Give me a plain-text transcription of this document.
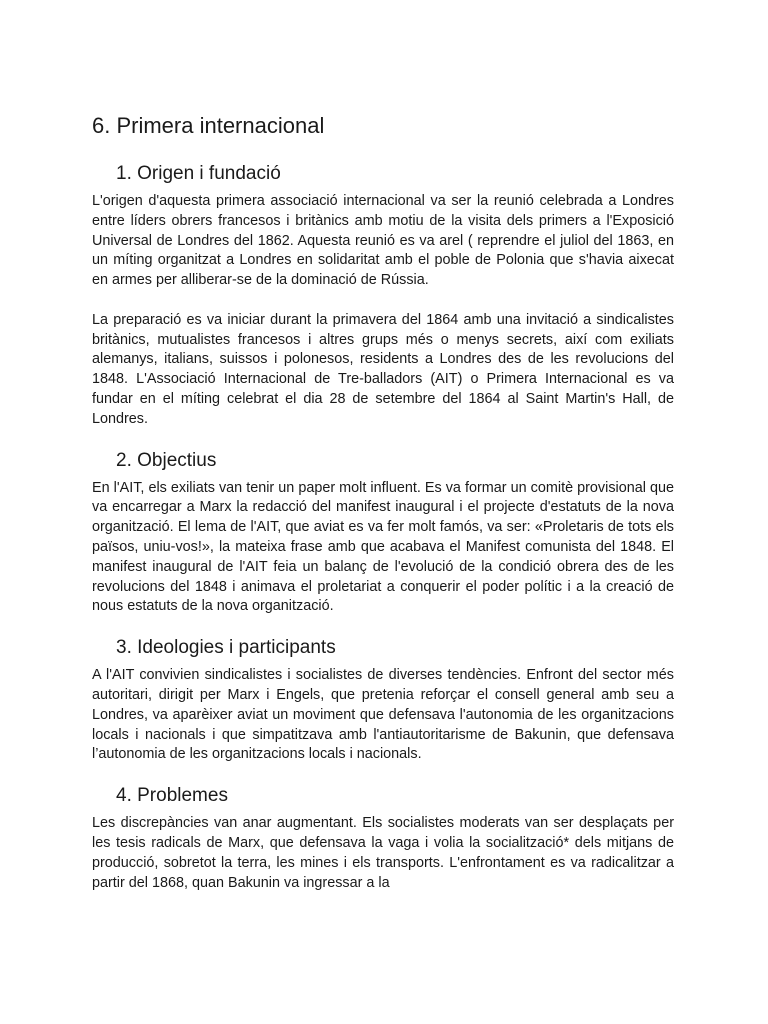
6. Primera internacional
1. Origen i fundació

L'origen d'aquesta primera associació internacional va ser la reunió celebrada a Londres entre líders obrers francesos i britànics amb motiu de la visita dels primers a l'Exposició Universal de Londres del 1862. Aquesta reunió es va arel ( reprendre el juliol del 1863, en un míting organitzat a Londres en solidaritat amb el poble de Polonia que s'havia aixecat en armes per alliberar-se de la dominació de Rússia.

La preparació es va iniciar durant la primavera del 1864 amb una invitació a sindicalistes britànics, mutualistes francesos i altres grups més o menys secrets, així com exiliats alemanys, italians, suissos i polonesos, residents a Londres des de les revolucions del 1848. L'Associació Internacional de Tre-balladors (AIT) o Primera Internacional es va fundar en el míting celebrat el dia 28 de setembre del 1864 al Saint Martin's Hall, de Londres.

2. Objectius

En l'AIT, els exiliats van tenir un paper molt influent. Es va formar un comitè provisional que va encarregar a Marx la redacció del manifest inaugural i el projecte d'estatuts de la nova organització. El lema de l'AIT, que aviat es va fer molt famós, va ser: «Proletaris de tots els països, uniu-vos!», la mateixa frase amb que acabava el Manifest comunista del 1848. El manifest inaugural de l'AIT feia un balanç de l'evolució de la condició obrera des de les revolucions del 1848 i animava el proletariat a conquerir el poder polític i a la creació de nous estatuts de la nova organització.

3. Ideologies i participants

A l'AIT convivien sindicalistes i socialistes de diverses tendències. Enfront del sector més autoritari, dirigit per Marx i Engels, que pretenia reforçar el consell general amb seu a Londres, va aparèixer aviat un moviment que defensava l'autonomia de les organitzacions locals i nacionals i que simpatitzava amb l'antiautoritarisme de Bakunin, que defensava l’autonomia de les organitzacions locals i nacionals.

4. Problemes

Les discrepàncies van anar augmentant. Els socialistes moderats van ser desplaçats per les tesis radicals de Marx, que defensava la vaga i volia la socialització* dels mitjans de producció, sobretot la terra, les mines i els transports. L'enfrontament es va radicalitzar a partir del 1868, quan Bakunin va ingressar a la
